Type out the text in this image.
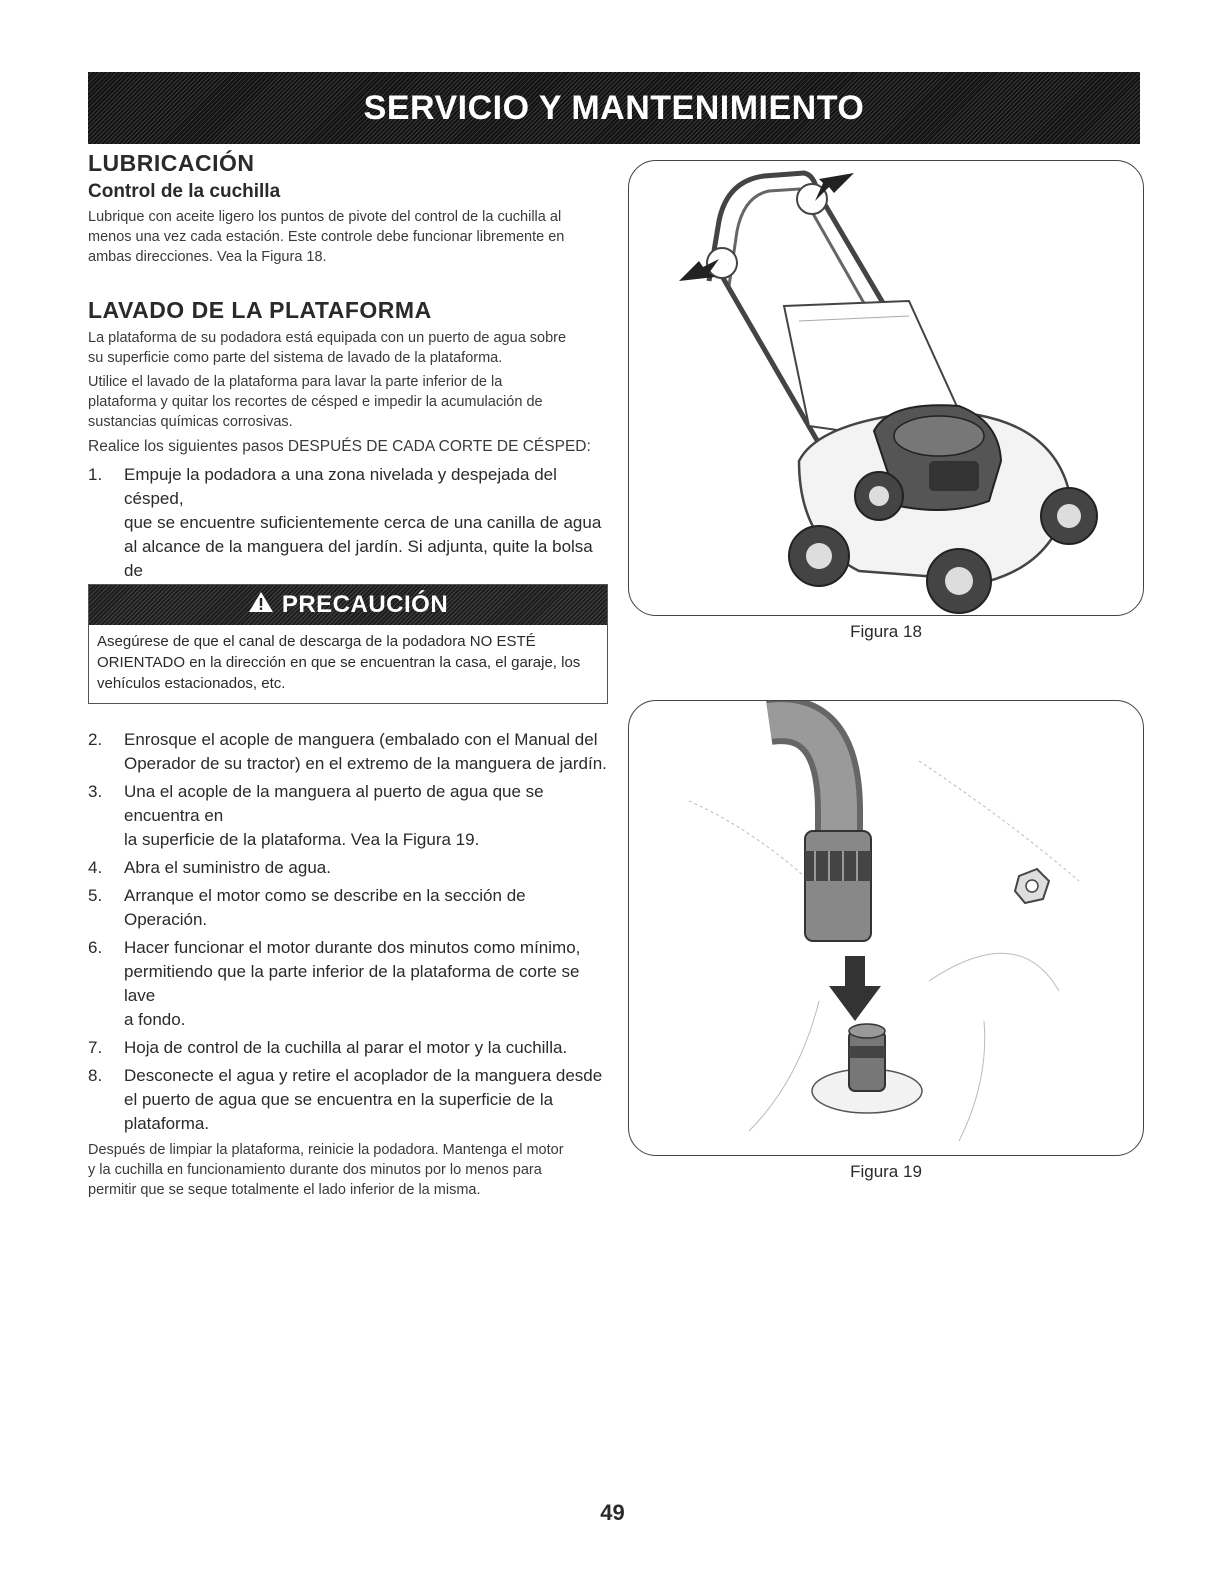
SERVICIO Y MANTENIMIENTO
LUBRICACIÓN
Control de la cuchilla

Lubrique con aceite ligero los puntos de pivote del control de la cuchilla al

menos una vez cada estación. Este controle debe funcionar libremente en

ambas direcciones. Vea la Figura 18.

LAVADO DE LA PLATAFORMA

La plataforma de su podadora está equipada con un puerto de agua sobre

su superficie como parte del sistema de lavado de la plataforma.

Utilice el lavado de la plataforma para lavar la parte inferior de la

plataforma y quitar los recortes de césped e impedir la acumulación de

sustancias químicas corrosivas.

Realice los siguientes pasos DESPUÉS DE CADA CORTE DE CÉSPED:

1.	Empuje la podadora a una zona nivelada y despejada del césped,
que se encuentre suficientemente cerca de una canilla de agua
al alcance de la manguera del jardín. Si adjunta, quite la bolsa de
PRECAUCIÓN
Asegúrese de que el canal de descarga de la podadora NO ESTÉ
ORIENTADO en la dirección en que se encuentran la casa, el garaje, los
vehículos estacionados, etc.
2.	Enrosque el acople de manguera (embalado con el Manual del
Operador de su tractor) en el extremo de la manguera de jardín.
3.	Una el acople de la manguera al puerto de agua que se encuentra en
la superficie de la plataforma. Vea la Figura 19.
4.	Abra el suministro de agua.
5.	Arranque el motor como se describe en la sección de Operación.
6.	Hacer funcionar el motor durante dos minutos como mínimo,
permitiendo que la parte inferior de la plataforma de corte se lave
a fondo.
7.	Hoja de control de la cuchilla al parar el motor y la cuchilla.
8.	Desconecte el agua y retire el acoplador de la manguera desde
el puerto de agua que se encuentra en la superficie de la
plataforma.

Después de limpiar la plataforma, reinicie la podadora. Mantenga el motor

y la cuchilla en funcionamiento durante dos minutos por lo menos para

permitir que se seque totalmente el lado inferior de la misma.

Figura 18
Figura 19
49
